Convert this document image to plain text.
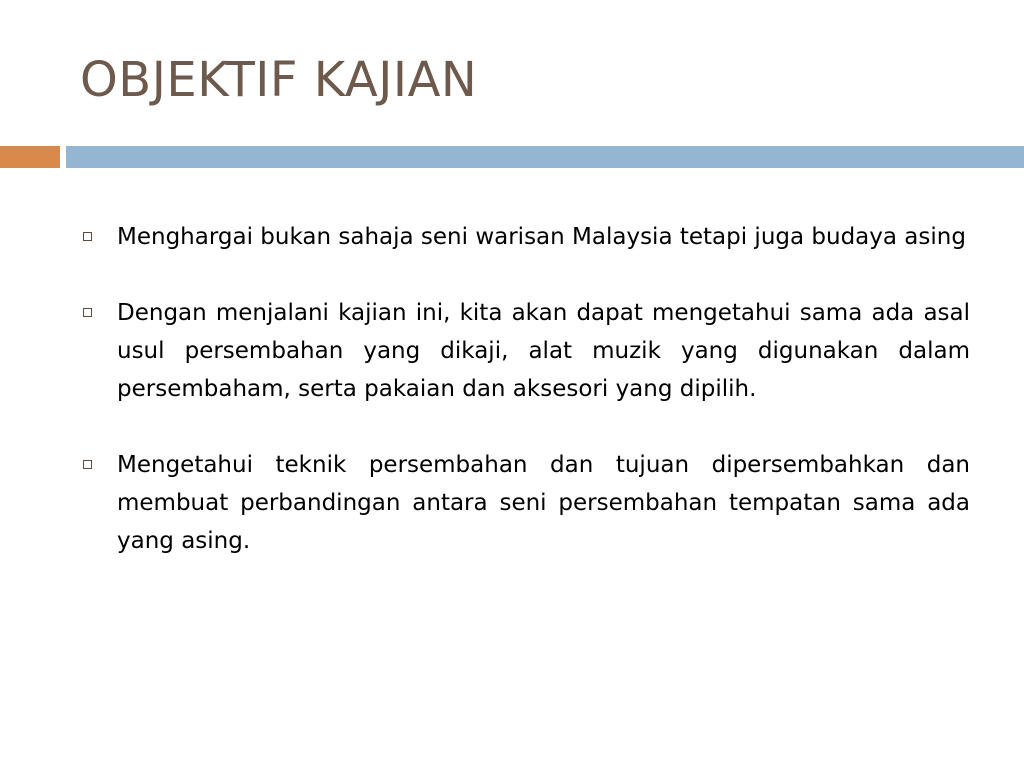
OBJEKTIF KAJIAN
Menghargai bukan sahaja seni warisan Malaysia tetapi juga budaya asing
Dengan menjalani kajian ini, kita akan dapat mengetahui sama ada asal usul persembahan yang dikaji, alat muzik yang digunakan dalam persembaham, serta pakaian dan aksesori yang dipilih.
Mengetahui teknik persembahan dan tujuan dipersembahkan dan membuat perbandingan antara seni persembahan tempatan sama ada yang asing.
